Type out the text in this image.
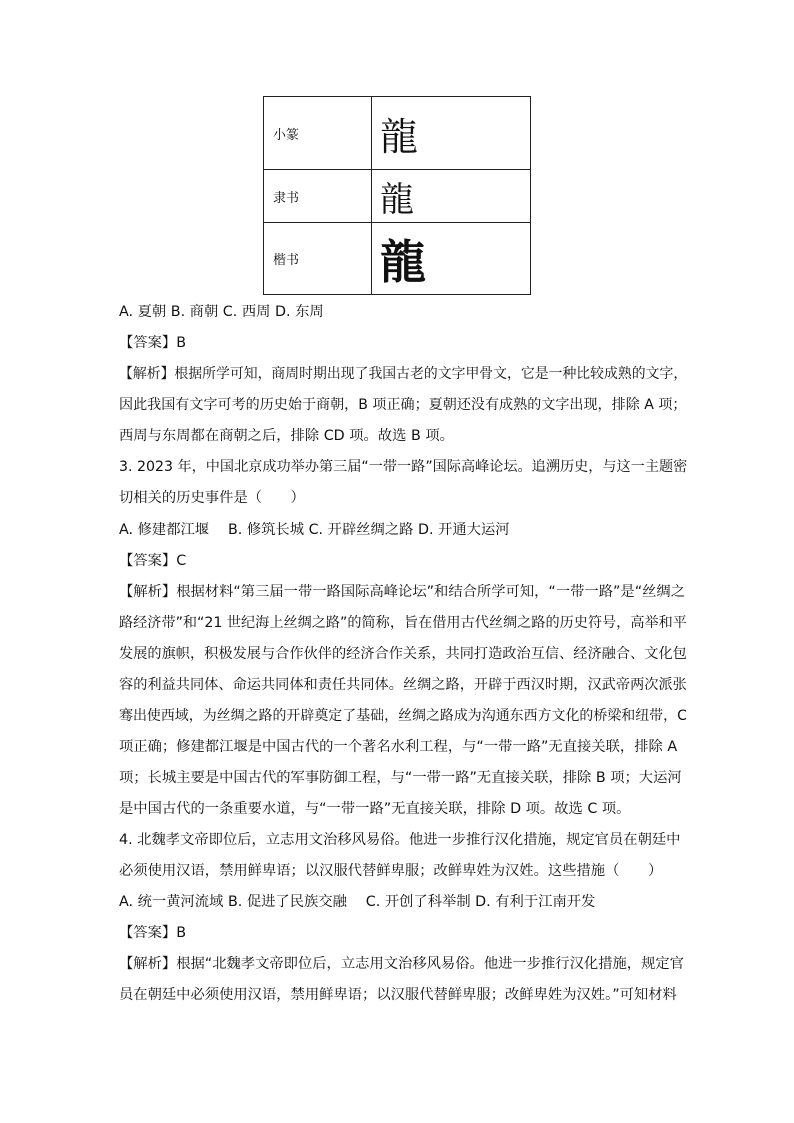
小篆	龍
隶书	龍
楷书	龍
A. 夏朝 B. 商朝 C. 西周 D. 东周
【答案】B
【解析】根据所学可知，商周时期出现了我国古老的文字甲骨文，它是一种比较成熟的文字，
因此我国有文字可考的历史始于商朝，B 项正确；夏朝还没有成熟的文字出现，排除 A 项；
西周与东周都在商朝之后，排除 CD 项。故选 B 项。
3. 2023 年，中国北京成功举办第三届“一带一路”国际高峰论坛。追溯历史，与这一主题密
切相关的历史事件是（　　）
A. 修建都江堰　 B. 修筑长城 C. 开辟丝绸之路 D. 开通大运河
【答案】C
【解析】根据材料“第三届一带一路国际高峰论坛”和结合所学可知，“一带一路”是“丝绸之
路经济带”和“21 世纪海上丝绸之路”的简称，旨在借用古代丝绸之路的历史符号，高举和平
发展的旗帜，积极发展与合作伙伴的经济合作关系，共同打造政治互信、经济融合、文化包
容的利益共同体、命运共同体和责任共同体。丝绸之路，开辟于西汉时期，汉武帝两次派张
骞出使西域，为丝绸之路的开辟奠定了基础，丝绸之路成为沟通东西方文化的桥梁和纽带，C
项正确；修建都江堰是中国古代的一个著名水利工程，与“一带一路”无直接关联，排除 A
项；长城主要是中国古代的军事防御工程，与“一带一路”无直接关联，排除 B 项；大运河
是中国古代的一条重要水道，与“一带一路”无直接关联，排除 D 项。故选 C 项。
4. 北魏孝文帝即位后，立志用文治移风易俗。他进一步推行汉化措施，规定官员在朝廷中
必须使用汉语，禁用鲜卑语；以汉服代替鲜卑服；改鲜卑姓为汉姓。这些措施（　　）
A. 统一黄河流域 B. 促进了民族交融　 C. 开创了科举制 D. 有利于江南开发
【答案】B
【解析】根据“北魏孝文帝即位后，立志用文治移风易俗。他进一步推行汉化措施，规定官
员在朝廷中必须使用汉语，禁用鲜卑语；以汉服代替鲜卑服；改鲜卑姓为汉姓。”可知材料
